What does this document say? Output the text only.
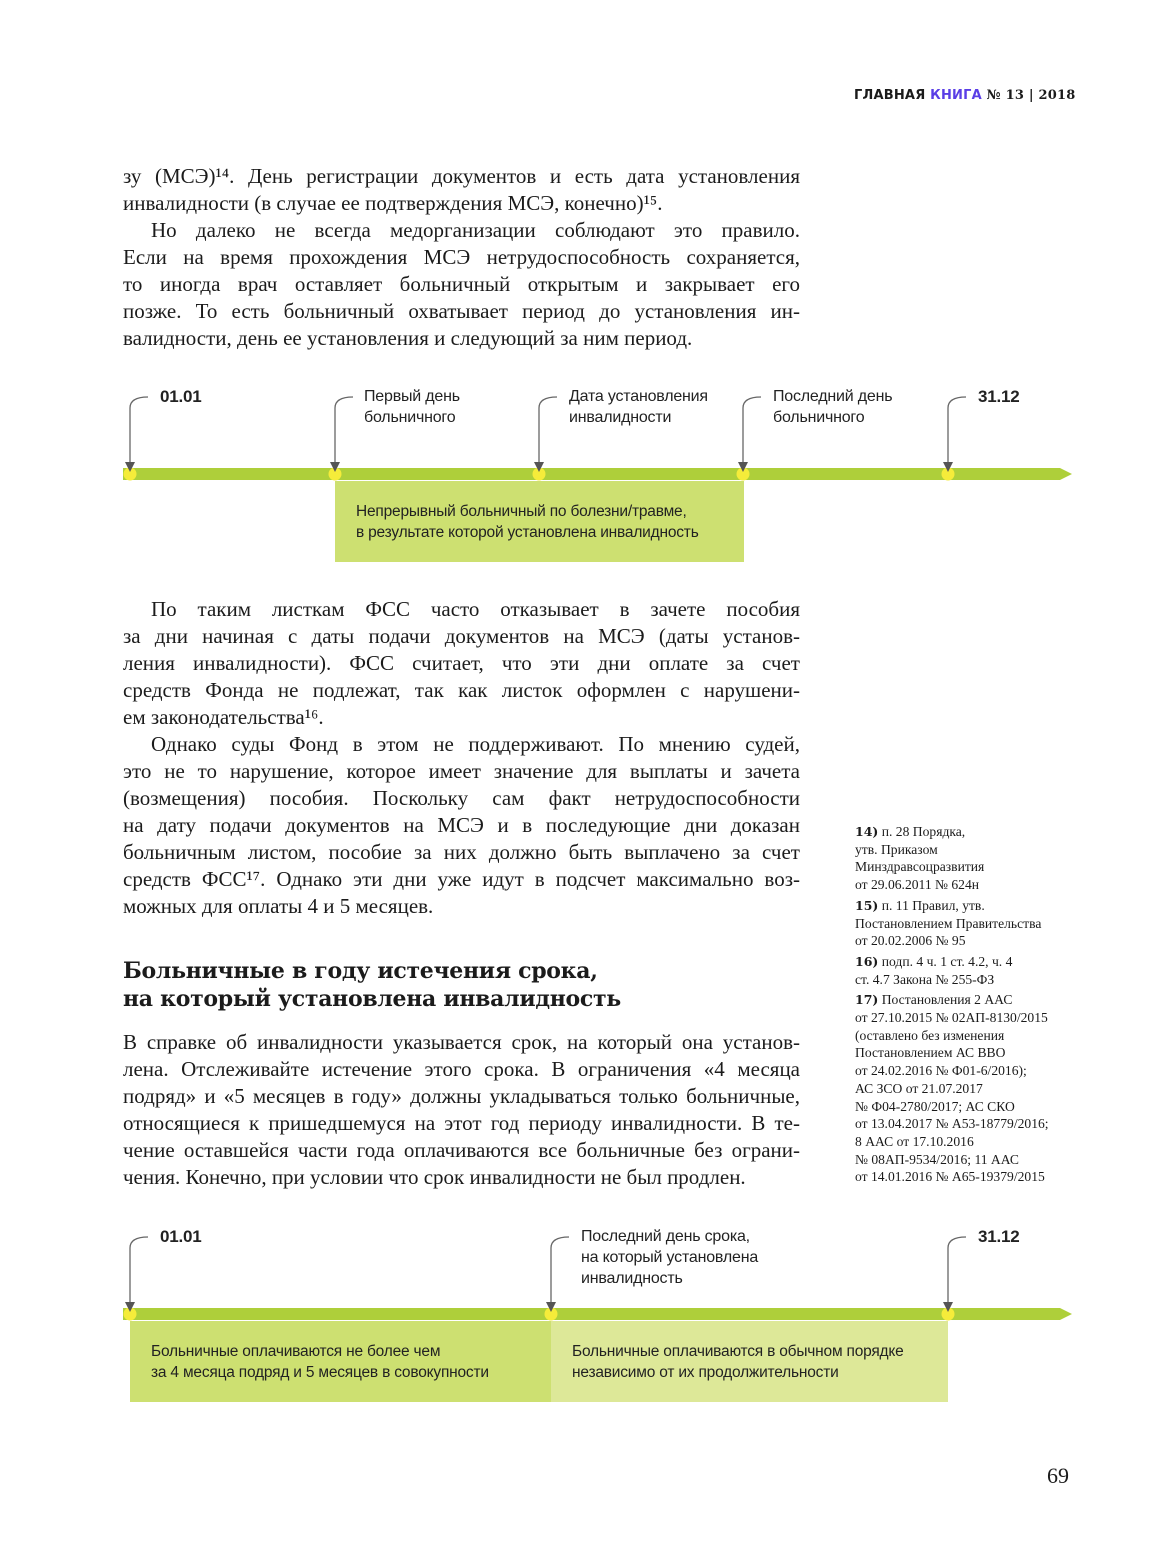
ГЛАВНАЯ КНИГА № 13 | 2018
зу (МСЭ)¹⁴. День регистрации документов и есть дата установления
инвалидности (в случае ее подтверждения МСЭ, конечно)¹⁵.
Но далеко не всегда медорганизации соблюдают это правило.
Если на время прохождения МСЭ нетрудоспособность сохраняется,
то иногда врач оставляет больничный открытым и закрывает его
позже. То есть больничный охватывает период до установления ин-
валидности, день ее установления и следующий за ним период.
01.01	Первый день
больничного
Дата установления
инвалидности
Последний день
больничного
31.12
Непрерывный больничный по болезни/травме,
в результате которой установлена инвалидность
По таким листкам ФСС часто отказывает в зачете пособия
за дни начиная с даты подачи документов на МСЭ (даты установ-
ления инвалидности). ФСС считает, что эти дни оплате за счет
средств Фонда не подлежат, так как листок оформлен с нарушени-
ем законодательства¹⁶.
Однако суды Фонд в этом не поддерживают. По мнению судей,
это не то нарушение, которое имеет значение для выплаты и зачета
(возмещения) пособия. Поскольку сам факт нетрудоспособности
на дату подачи документов на МСЭ и в последующие дни доказан
больничным листом, пособие за них должно быть выплачено за счет
средств ФСС¹⁷. Однако эти дни уже идут в подсчет максимально воз-
можных для оплаты 4 и 5 месяцев.
Больничные в году истечения срока,
на который установлена инвалидность
В справке об инвалидности указывается срок, на который она установ-
лена. Отслеживайте истечение этого срока. В ограничения «4 месяца
подряд» и «5 месяцев в году» должны укладываться только больничные,
относящиеся к пришедшемуся на этот год периоду инвалидности. В те-
чение оставшейся части года оплачиваются все больничные без ограни-
чения. Конечно, при условии что срок инвалидности не был продлен.
14) п. 28 Порядка,
утв. Приказом
Минздравсоцразвития
от 29.06.2011 № 624н
15) п. 11 Правил, утв.
Постановлением Правительства
от 20.02.2006 № 95
16) подп. 4 ч. 1 ст. 4.2, ч. 4
ст. 4.7 Закона № 255-ФЗ
17) Постановления 2 ААС
от 27.10.2015 № 02АП-8130/2015
(оставлено без изменения
Постановлением АС ВВО
от 24.02.2016 № Ф01-6/2016);
АС ЗСО от 21.07.2017
№ Ф04-2780/2017; АС СКО
от 13.04.2017 № А53-18779/2016;
8 ААС от 17.10.2016
№ 08АП-9534/2016; 11 ААС
от 14.01.2016 № А65-19379/2015
Больничные оплачиваются не более чем
за 4 месяца подряд и 5 месяцев в совокупности
Больничные оплачиваются в обычном порядке
независимо от их продолжительности
01.01	Последний день срока,
на который установлена
инвалидность
31.12
69
